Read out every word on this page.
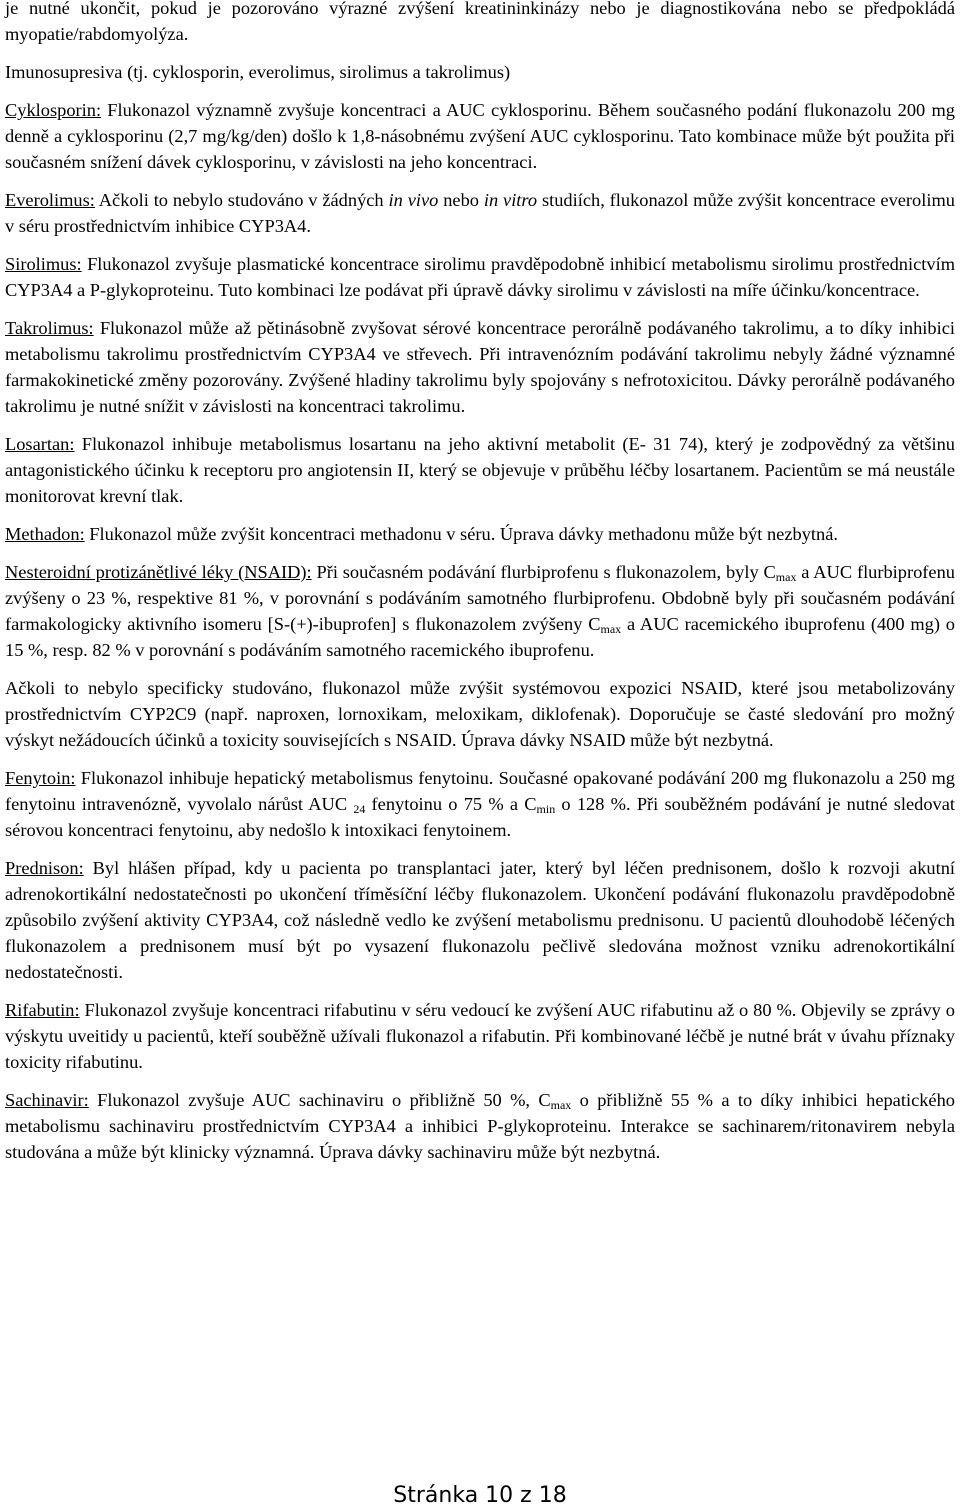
je nutné ukončit, pokud je pozorováno výrazné zvýšení kreatininkinázy nebo je diagnostikována nebo se předpokládá myopatie/rabdomyolýza.

Imunosupresiva (tj. cyklosporin, everolimus, sirolimus a takrolimus)

Cyklosporin: Flukonazol významně zvyšuje koncentraci a AUC cyklosporinu. Během současného podání flukonazolu 200 mg denně a cyklosporinu (2,7 mg/kg/den) došlo k 1,8-násobnému zvýšení AUC cyklosporinu. Tato kombinace může být použita při současném snížení dávek cyklosporinu, v závislosti na jeho koncentraci.

Everolimus: Ačkoli to nebylo studováno v žádných in vivo nebo in vitro studiích, flukonazol může zvýšit koncentrace everolimu v séru prostřednictvím inhibice CYP3A4.

Sirolimus: Flukonazol zvyšuje plasmatické koncentrace sirolimu pravděpodobně inhibicí metabolismu sirolimu prostřednictvím CYP3A4 a P-glykoproteinu. Tuto kombinaci lze podávat při úpravě dávky sirolimu v závislosti na míře účinku/koncentrace.

Takrolimus: Flukonazol může až pětinásobně zvyšovat sérové koncentrace perorálně podávaného takrolimu, a to díky inhibici metabolismu takrolimu prostřednictvím CYP3A4 ve střevech. Při intravenózním podávání takrolimu nebyly žádné významné farmakokinetické změny pozorovány. Zvýšené hladiny takrolimu byly spojovány s nefrotoxicitou. Dávky perorálně podávaného takrolimu je nutné snížit v závislosti na koncentraci takrolimu.

Losartan: Flukonazol inhibuje metabolismus losartanu na jeho aktivní metabolit (E- 31 74), který je zodpovědný za většinu antagonistického účinku k receptoru pro angiotensin II, který se objevuje v průběhu léčby losartanem. Pacientům se má neustále monitorovat krevní tlak.

Methadon: Flukonazol může zvýšit koncentraci methadonu v séru. Úprava dávky methadonu může být nezbytná.

Nesteroidní protizánětlivé léky (NSAID): Při současném podávání flurbiprofenu s flukonazolem, byly $C_{max}$ a AUC flurbiprofenu zvýšeny o 23 %, respektive 81 %, v porovnání s podáváním samotného flurbiprofenu. Obdobně byly při současném podávání farmakologicky aktivního isomeru [S-(+)-ibuprofen] s flukonazolem zvýšeny $C_{max}$ a AUC racemického ibuprofenu (400 mg) o 15 %, resp. 82 % v porovnání s podáváním samotného racemického ibuprofenu.

Ačkoli to nebylo specificky studováno, flukonazol může zvýšit systémovou expozici NSAID, které jsou metabolizovány prostřednictvím CYP2C9 (např. naproxen, lornoxikam, meloxikam, diklofenak). Doporučuje se časté sledování pro možný výskyt nežádoucích účinků a toxicity souvisejících s NSAID. Úprava dávky NSAID může být nezbytná.

Fenytoin: Flukonazol inhibuje hepatický metabolismus fenytoinu. Současné opakované podávání 200 mg flukonazolu a 250 mg fenytoinu intravenózně, vyvolalo nárůst AUC $_{24}$ fenytoinu o 75 % a $C_{min}$ o 128 %. Při souběžném podávání je nutné sledovat sérovou koncentraci fenytoinu, aby nedošlo k intoxikaci fenytoinem.

Prednison: Byl hlášen případ, kdy u pacienta po transplantaci jater, který byl léčen prednisonem, došlo k rozvoji akutní adrenokortikální nedostatečnosti po ukončení tříměsíční léčby flukonazolem. Ukončení podávání flukonazolu pravděpodobně způsobilo zvýšení aktivity CYP3A4, což následně vedlo ke zvýšení metabolismu prednisonu. U pacientů dlouhodobě léčených flukonazolem a prednisonem musí být po vysazení flukonazolu pečlivě sledována možnost vzniku adrenokortikální nedostatečnosti.

Rifabutin: Flukonazol zvyšuje koncentraci rifabutinu v séru vedoucí ke zvýšení AUC rifabutinu až o 80 %. Objevily se zprávy o výskytu uveitidy u pacientů, kteří souběžně užívali flukonazol a rifabutin. Při kombinované léčbě je nutné brát v úvahu příznaky toxicity rifabutinu.

Sachinavir: Flukonazol zvyšuje AUC sachinaviru o přibližně 50 %, $C_{max}$ o přibližně 55 % a to díky inhibici hepatického metabolismu sachinaviru prostřednictvím CYP3A4 a inhibici P-glykoproteinu. Interakce se sachinarem/ritonavirem nebyla studována a může být klinicky významná. Úprava dávky sachinaviru může být nezbytná.

Stránka 10 z 18
